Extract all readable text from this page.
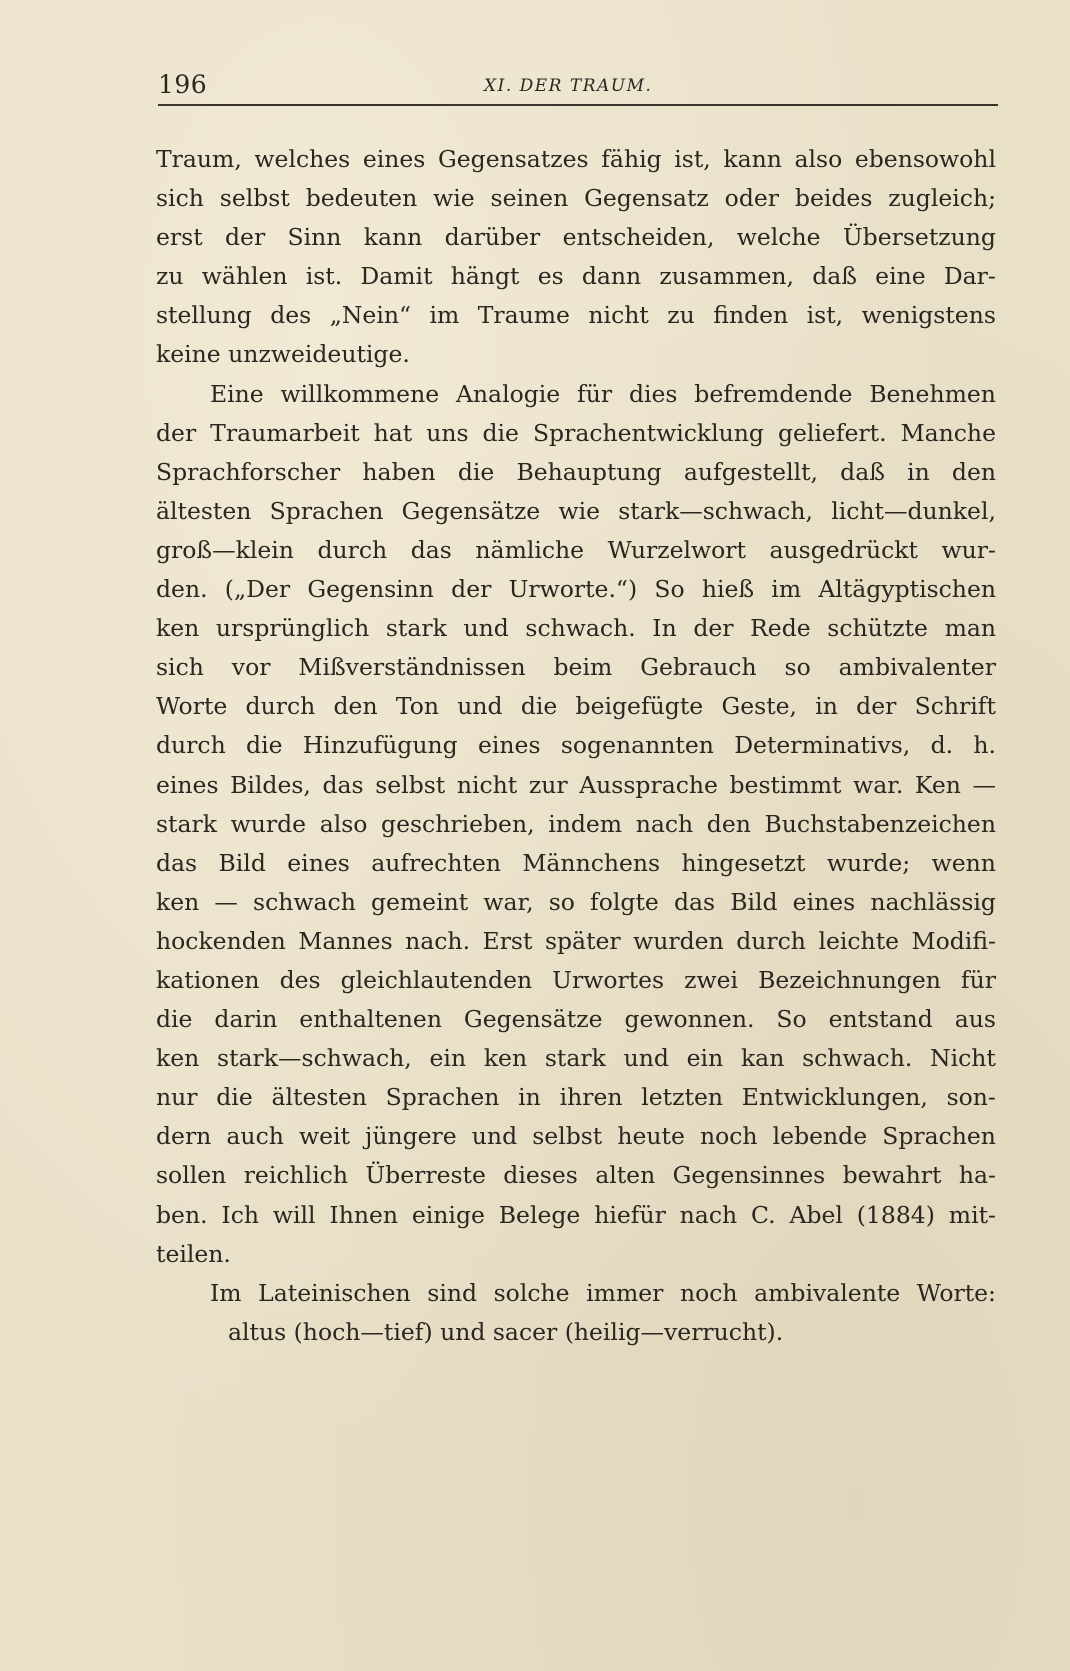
196	XI. DER TRAUM.
Traum, welches eines Gegensatzes fähig ist, kann also ebensowohl
sich selbst bedeuten wie seinen Gegensatz oder beides zugleich;
erst der Sinn kann darüber entscheiden, welche Übersetzung
zu wählen ist. Damit hängt es dann zusammen, daß eine Dar-
stellung des „Nein“ im Traume nicht zu finden ist, wenigstens
keine unzweideutige.
Eine willkommene Analogie für dies befremdende Benehmen
der Traumarbeit hat uns die Sprachentwicklung geliefert. Manche
Sprachforscher haben die Behauptung aufgestellt, daß in den
ältesten Sprachen Gegensätze wie stark—schwach, licht—dunkel,
groß—klein durch das nämliche Wurzelwort ausgedrückt wur-
den. („Der Gegensinn der Urworte.“) So hieß im Altägyptischen
ken ursprünglich stark und schwach. In der Rede schützte man
sich vor Mißverständnissen beim Gebrauch so ambivalenter
Worte durch den Ton und die beigefügte Geste, in der Schrift
durch die Hinzufügung eines sogenannten Determinativs, d. h.
eines Bildes, das selbst nicht zur Aussprache bestimmt war. Ken —
stark wurde also geschrieben, indem nach den Buchstabenzeichen
das Bild eines aufrechten Männchens hingesetzt wurde; wenn
ken — schwach gemeint war, so folgte das Bild eines nachlässig
hockenden Mannes nach. Erst später wurden durch leichte Modifi-
kationen des gleichlautenden Urwortes zwei Bezeichnungen für
die darin enthaltenen Gegensätze gewonnen. So entstand aus
ken stark—schwach, ein ken stark und ein kan schwach. Nicht
nur die ältesten Sprachen in ihren letzten Entwicklungen, son-
dern auch weit jüngere und selbst heute noch lebende Sprachen
sollen reichlich Überreste dieses alten Gegensinnes bewahrt ha-
ben. Ich will Ihnen einige Belege hiefür nach C. Abel (1884) mit-
teilen.
Im Lateinischen sind solche immer noch ambivalente Worte:
altus (hoch—tief) und sacer (heilig—verrucht).
